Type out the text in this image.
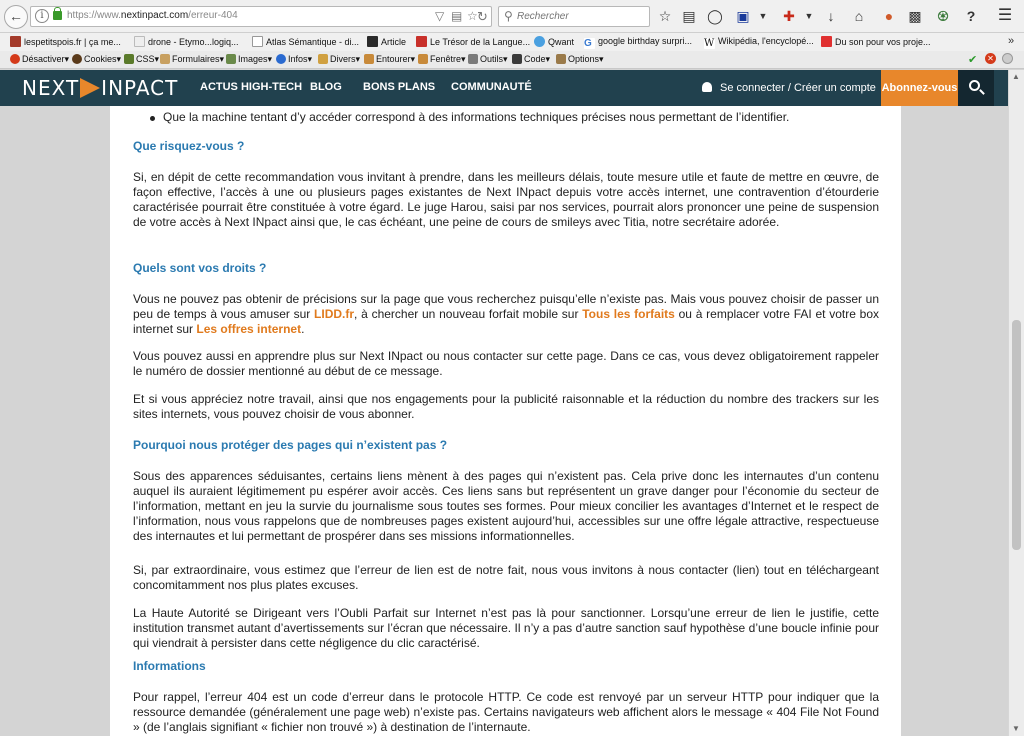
←	i	https://www.nextinpact.com/erreur-404	▽ ▤ ☆ ↻ ⚲
Rechercher	☆ ▤ ◯ ▣ ▼	✚	▼	↓	⌂	●	▩ ♼	? ☰
lespetitspois.fr | ça me...	drone - Etymo...logiq...	Atlas Sémantique - di...	Article	Le Trésor de la Langue...	Qwant G google birthday surpri... W Wikipédia, l'encyclopé...	Du son pour vos proje...	»
Désactiver▾	Cookies▾	CSS▾	Formulaires▾	Images▾	Infos▾	Divers▾	Entourer▾	Fenêtre▾	Outils▾	Code▾	Options▾	✔ ✕
NEXT INPACT ACTUS HIGH-TECH BLOG BONS PLANS COMMUNAUTÉ	Se connecter / Créer un compte Abonnez-vous
Que la machine tentant d’y accéder correspond à des informations techniques précises nous permettant de l’identifier.
Que risquez-vous ?
Si, en dépit de cette recommandation vous invitant à prendre, dans les meilleurs délais, toute mesure utile et faute de mettre en œuvre, de façon effective, l’accès à une ou plusieurs pages existantes de Next INpact depuis votre accès internet, une contravention d’étourderie caractérisée pourrait être constituée à votre égard. Le juge Harou, saisi par nos services, pourrait alors prononcer une peine de suspension de votre accès à Next INpact ainsi que, le cas échéant, une peine de cours de smileys avec Titia, notre secrétaire adorée.
Quels sont vos droits ?
Vous ne pouvez pas obtenir de précisions sur la page que vous recherchez puisqu’elle n’existe pas. Mais vous pouvez choisir de passer un peu de temps à vous amuser sur LIDD.fr, à chercher un nouveau forfait mobile sur Tous les forfaits ou à remplacer votre FAI et votre box internet sur Les offres internet.
Vous pouvez aussi en apprendre plus sur Next INpact ou nous contacter sur cette page. Dans ce cas, vous devez obligatoirement rappeler le numéro de dossier mentionné au début de ce message.
Et si vous appréciez notre travail, ainsi que nos engagements pour la publicité raisonnable et la réduction du nombre des trackers sur les sites internets, vous pouvez choisir de vous abonner.
Pourquoi nous protéger des pages qui n’existent pas ?
Sous des apparences séduisantes, certains liens mènent à des pages qui n’existent pas. Cela prive donc les internautes d’un contenu auquel ils auraient légitimement pu espérer avoir accès. Ces liens sans but représentent un grave danger pour l’économie du secteur de l’information, mettant en jeu la survie du journalisme sous toutes ses formes. Pour mieux concilier les avantages d’Internet et le respect de l’information, nous vous rappelons que de nombreuses pages existent aujourd’hui, accessibles sur une offre légale attractive, respectueuse des internautes et lui permettant de prospérer dans ses missions informationnelles.
Si, par extraordinaire, vous estimez que l’erreur de lien est de notre fait, nous vous invitons à nous contacter (lien) tout en téléchargeant concomitamment nos plus plates excuses.
La Haute Autorité se Dirigeant vers l’Oubli Parfait sur Internet n’est pas là pour sanctionner. Lorsqu’une erreur de lien le justifie, cette institution transmet autant d’avertissements sur l’écran que nécessaire. Il n’y a pas d’autre sanction sauf hypothèse d’une boucle infinie pour qui viendrait à persister dans cette négligence du clic caractérisé.
Informations
Pour rappel, l’erreur 404 est un code d’erreur dans le protocole HTTP. Ce code est renvoyé par un serveur HTTP pour indiquer que la ressource demandée (généralement une page web) n’existe pas. Certains navigateurs web affichent alors le message « 404 File Not Found » (de l’anglais signifiant « fichier non trouvé ») à destination de l’internaute.
▲
▼
